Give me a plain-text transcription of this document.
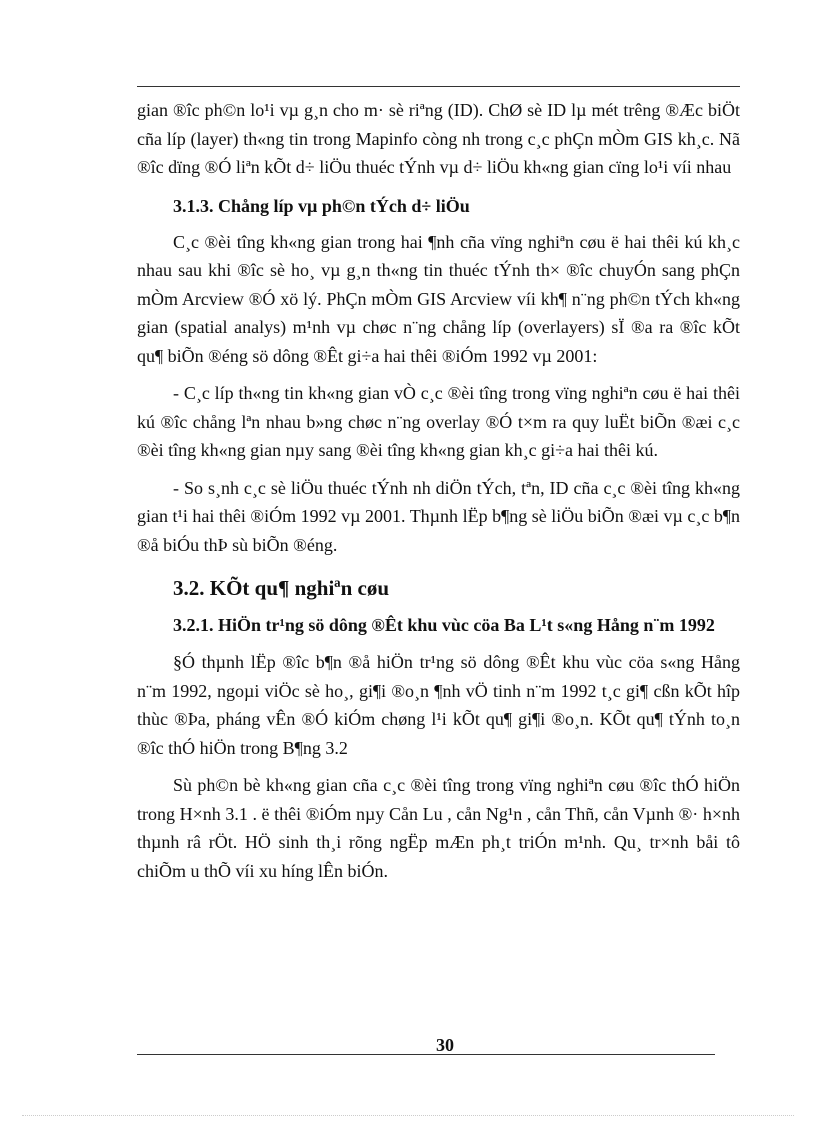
gian ®îc ph©n lo¹i vµ g¸n cho m· sè riªng (ID). ChØ sè ID lµ mét trêng ®Æc biÖt cña líp (layer) th«ng tin trong Mapinfo còng nh trong c¸c phÇn mÒm GIS kh¸c. Nã ®îc dïng ®Ó liªn kÕt d÷ liÖu thuéc tÝnh vµ d÷ liÖu kh«ng gian cïng lo¹i víi nhau

3.1.3. Chång líp vµ ph©n tÝch d÷ liÖu

C¸c ®èi tîng kh«ng gian trong hai ¶nh cña vïng nghiªn cøu ë hai thêi kú kh¸c nhau sau khi ®îc sè ho¸ vµ g¸n th«ng tin thuéc tÝnh th× ®îc chuyÓn sang phÇn mÒm Arcview ®Ó xö lý. PhÇn mÒm GIS Arcview víi kh¶ n¨ng ph©n tÝch kh«ng gian (spatial analys) m¹nh vµ chøc n¨ng chång líp (overlayers) sÏ ®a ra ®îc kÕt qu¶ biÕn ®éng sö dông ®Êt gi÷a hai thêi ®iÓm 1992 vµ 2001:

- C¸c líp th«ng tin kh«ng gian vÒ c¸c ®èi tîng trong vïng nghiªn cøu ë hai thêi kú ®îc chång lªn nhau b»ng chøc n¨ng overlay ®Ó t×m ra quy luËt biÕn ®æi c¸c ®èi tîng kh«ng gian nµy sang ®èi tîng kh«ng gian kh¸c gi÷a hai thêi kú.

- So s¸nh c¸c sè liÖu thuéc tÝnh nh diÖn tÝch, tªn, ID cña c¸c ®èi tîng kh«ng gian t¹i hai thêi ®iÓm 1992 vµ 2001. Thµnh lËp b¶ng sè liÖu biÕn ®æi vµ c¸c b¶n ®å biÓu thÞ sù biÕn ®éng.

3.2. KÕt qu¶ nghiªn cøu
3.2.1. HiÖn tr¹ng sö dông ®Êt khu vùc cöa Ba L¹t s«ng Hång n¨m 1992

§Ó thµnh lËp ®îc b¶n ®å hiÖn tr¹ng sö dông ®Êt khu vùc cöa s«ng Hång n¨m 1992, ngoµi viÖc sè ho¸, gi¶i ®o¸n ¶nh vÖ tinh n¨m 1992 t¸c gi¶ cßn kÕt hîp thùc ®Þa, pháng vÊn ®Ó kiÓm chøng l¹i kÕt qu¶ gi¶i ®o¸n. KÕt qu¶ tÝnh to¸n ®îc thÓ hiÖn trong B¶ng 3.2

Sù ph©n bè kh«ng gian cña c¸c ®èi tîng trong vïng nghiªn cøu ®îc thÓ hiÖn trong H×nh 3.1 . ë thêi ®iÓm nµy Cån Lu , cån Ng¹n , cån Thñ, cån Vµnh ®· h×nh thµnh râ rÖt. HÖ sinh th¸i rõng ngËp mÆn ph¸t triÓn m¹nh. Qu¸ tr×nh båi tô chiÕm u thÕ víi xu híng lÊn biÓn.

30
